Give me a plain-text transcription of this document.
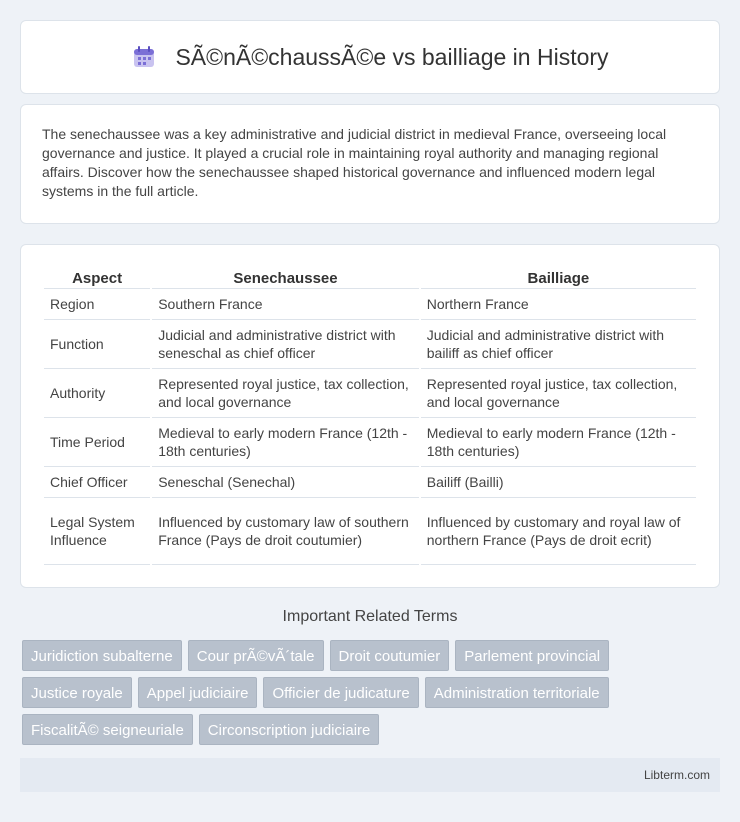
SÃ©nÃ©chaussÃ©e vs bailliage in History

The senechaussee was a key administrative and judicial district in medieval France, overseeing local governance and justice. It played a crucial role in maintaining royal authority and managing regional affairs. Discover how the senechaussee shaped historical governance and influenced modern legal systems in the full article.

Aspect	Senechaussee	Bailliage
Region	Southern France	Northern France
Function	Judicial and administrative district with seneschal as chief officer	Judicial and administrative district with bailiff as chief officer
Authority	Represented royal justice, tax collection, and local governance	Represented royal justice, tax collection, and local governance
Time Period	Medieval to early modern France (12th - 18th centuries)	Medieval to early modern France (12th - 18th centuries)
Chief Officer	Seneschal (Senechal)	Bailiff (Bailli)
Legal System Influence	Influenced by customary law of southern France (Pays de droit coutumier)	Influenced by customary and royal law of northern France (Pays de droit ecrit)
Important Related Terms
Juridiction subalterne	Cour prÃ©vÃ´tale	Droit coutumier	Parlement provincial
Justice royale	Appel judiciaire	Officier de judicature	Administration territoriale
FiscalitÃ© seigneuriale	Circonscription judiciaire
Libterm.com
